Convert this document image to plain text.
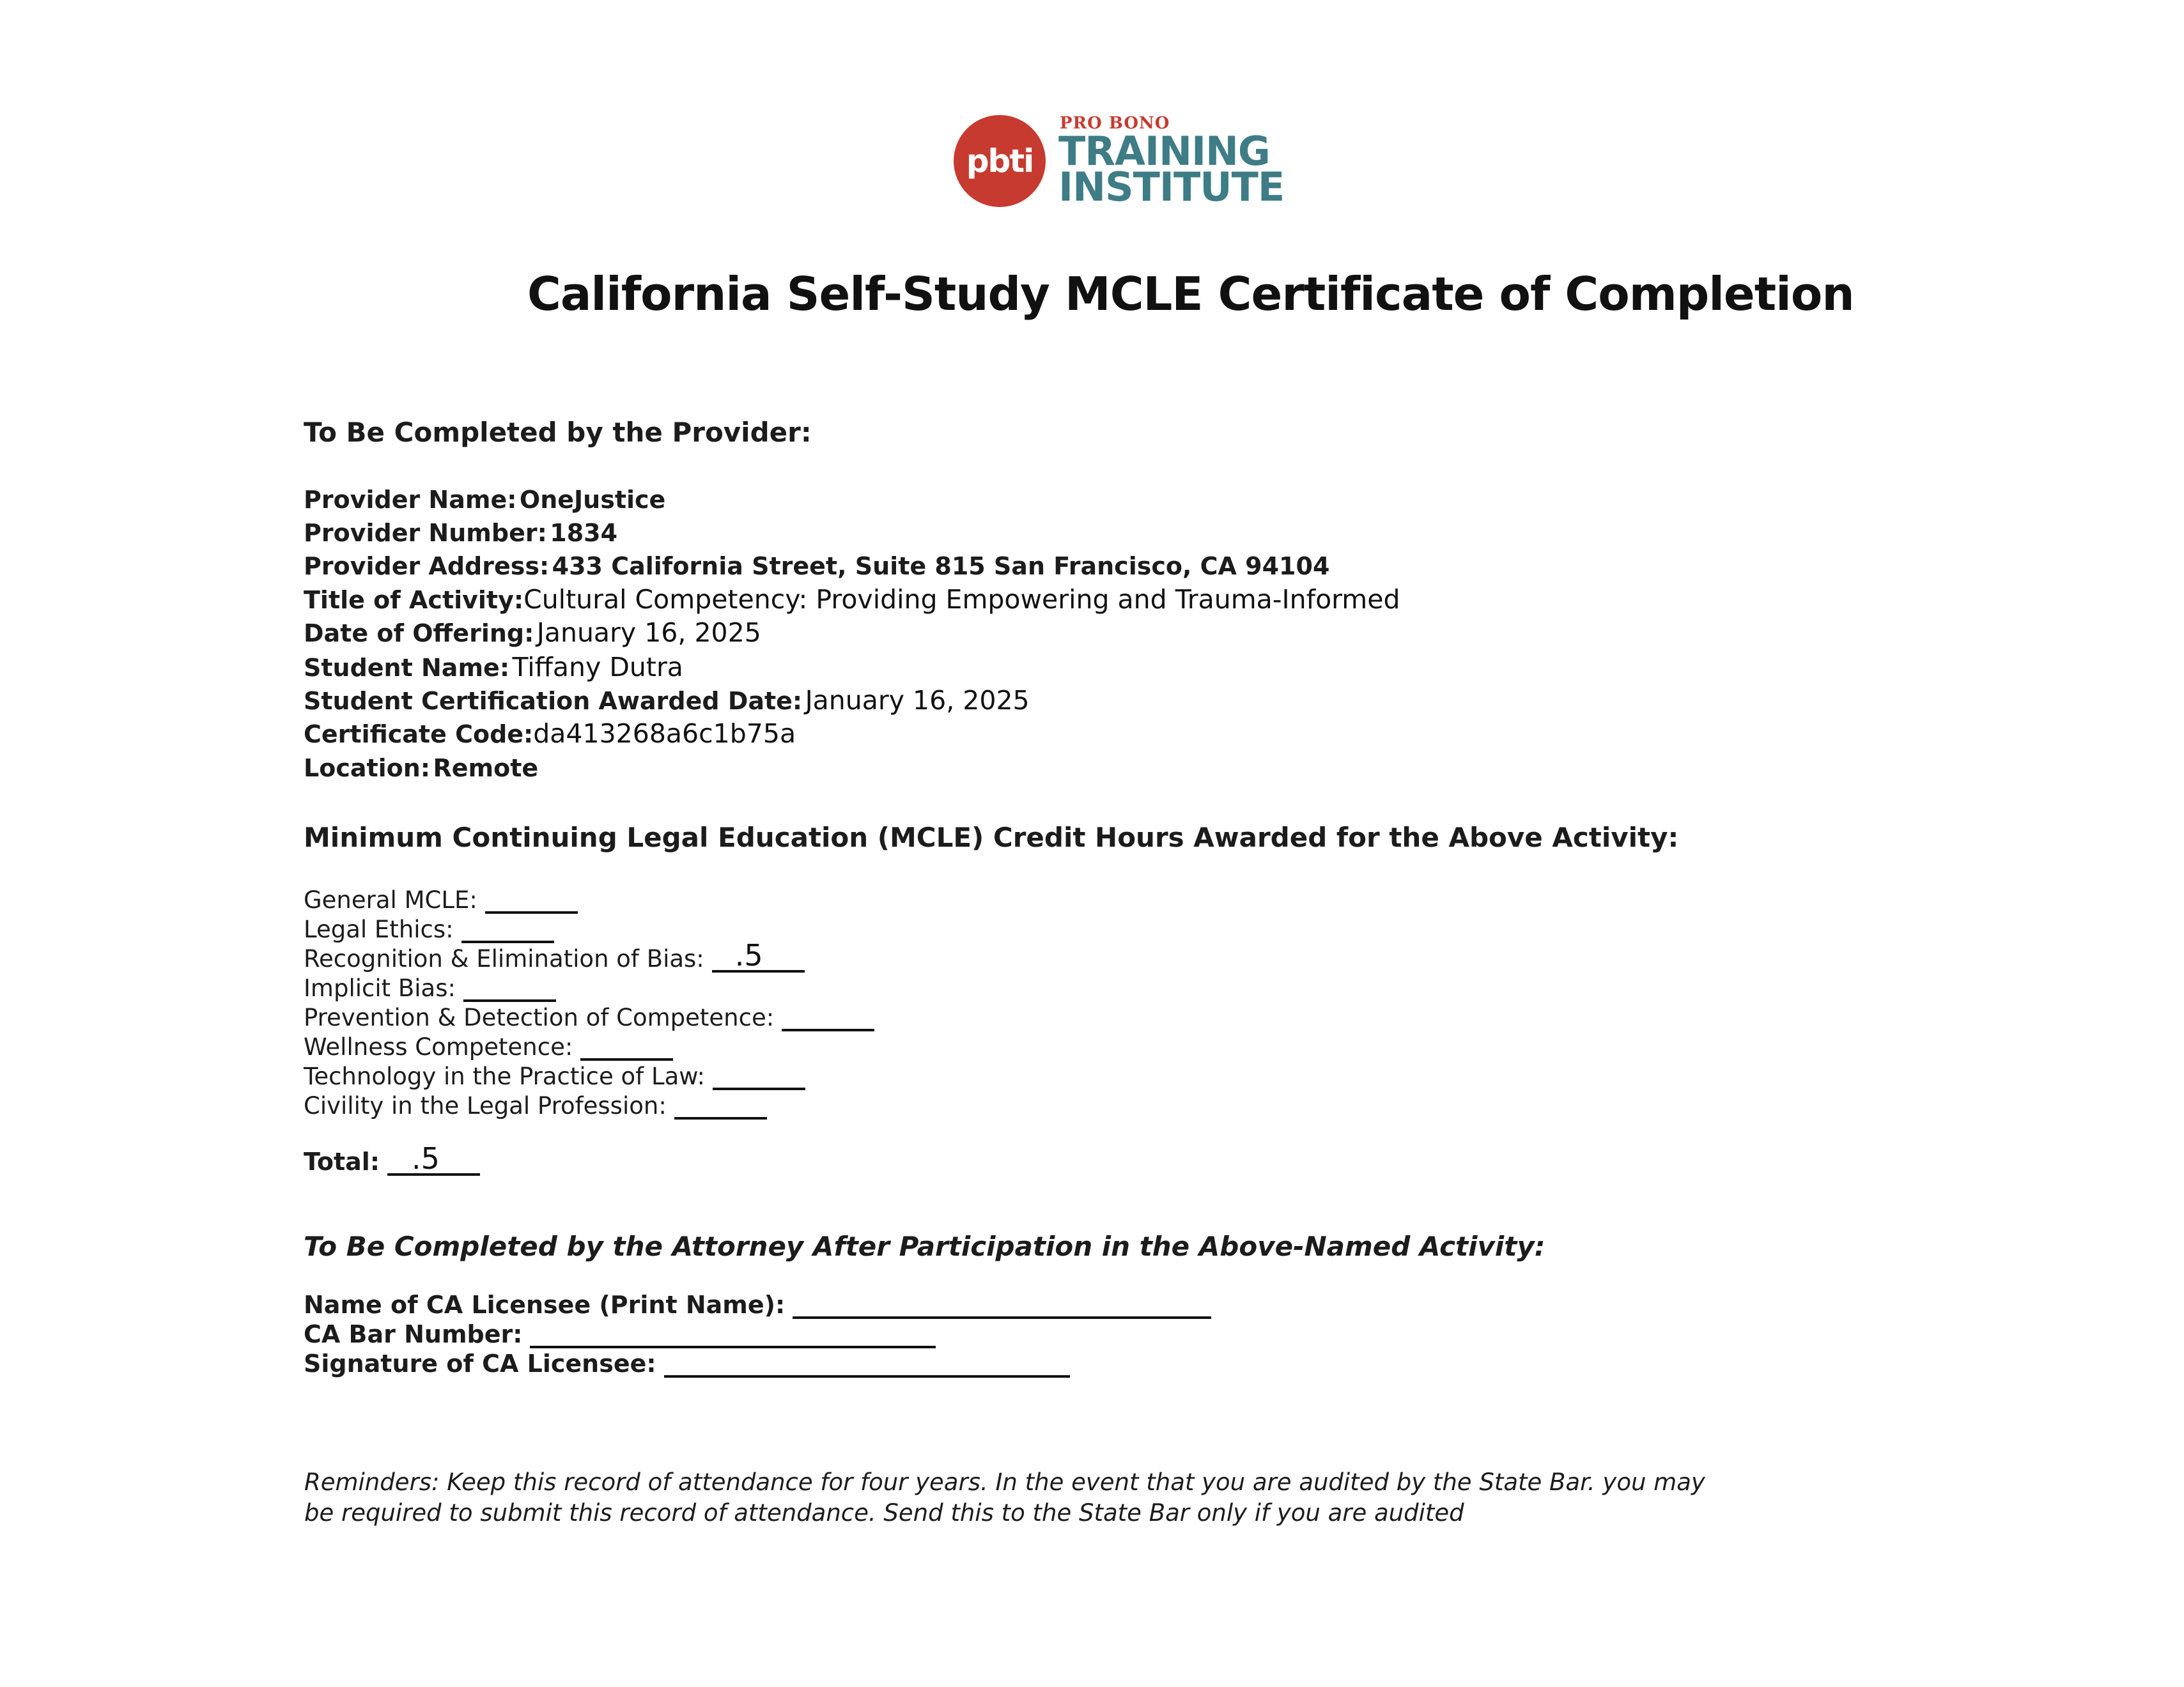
pbti
PRO BONO
TRAINING
INSTITUTE
California Self-Study MCLE Certificate of Completion
To Be Completed by the Provider:
Provider Name: OneJustice
Provider Number: 1834
Provider Address: 433 California Street, Suite 815 San Francisco, CA 94104
Title of Activity:Cultural Competency: Providing Empowering and Trauma-Informed
Date of Offering: January 16, 2025
Student Name: Tiffany Dutra
Student Certification Awarded Date: January 16, 2025
Certificate Code:da413268a6c1b75a
Location: Remote
Minimum Continuing Legal Education (MCLE) Credit Hours Awarded for the Above Activity:
General MCLE:
Legal Ethics:
Recognition & Elimination of Bias: .5
Implicit Bias:
Prevention & Detection of Competence:
Wellness Competence:
Technology in the Practice of Law:
Civility in the Legal Profession:
Total: .5
To Be Completed by the Attorney After Participation in the Above-Named Activity:
Name of CA Licensee (Print Name):
CA Bar Number:
Signature of CA Licensee:
Reminders: Keep this record of attendance for four years. In the event that you are audited by the State Bar. you may
be required to submit this record of attendance. Send this to the State Bar only if you are audited
